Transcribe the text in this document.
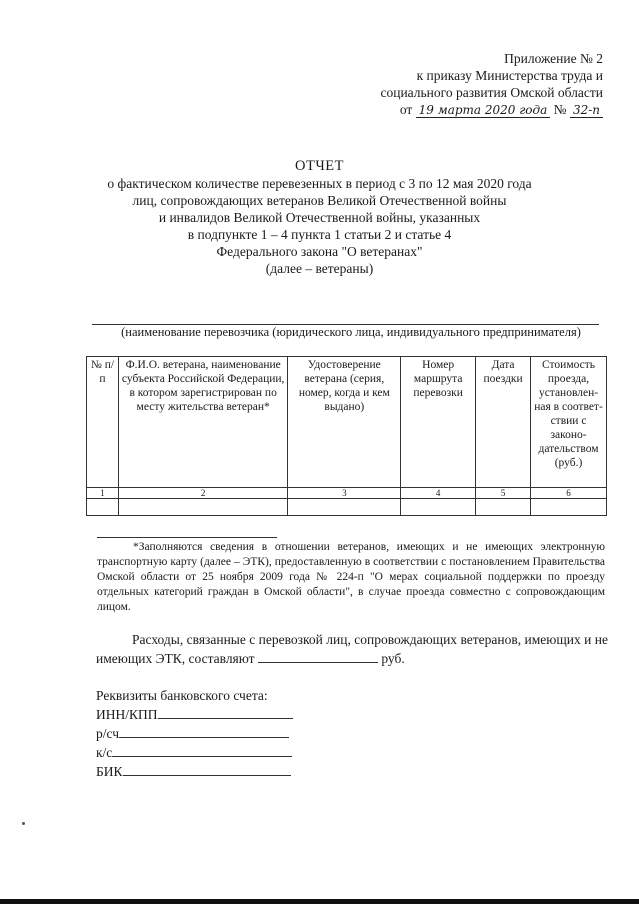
Приложение № 2
к приказу Министерства труда и
социального развития Омской области
от 19 марта 2020 года № 32-п
ОТЧЕТ
о фактическом количестве перевезенных в период с 3 по 12 мая 2020 года
лиц, сопровождающих ветеранов Великой Отечественной войны
и инвалидов Великой Отечественной войны, указанных
в подпункте 1 – 4 пункта 1 статьи 2 и статье 4
Федерального закона "О ветеранах"
(далее – ветераны)
(наименование перевозчика (юридического лица, индивидуального предпринимателя)
№ п/п	Ф.И.О. ветерана, наименование субъекта Российской Федерации, в котором зарегистрирован по месту жительства ветеран*	Удостоверение ветерана (серия, номер, когда и кем выдано)	Номер маршрута перевозки	Дата поездки	Стоимость проезда, установлен-ная в соответ-ствии с законо-дательством (руб.)
1	2	3	4	5	6

*Заполняются сведения в отношении ветеранов, имеющих и не имеющих электронную транспортную карту (далее – ЭТК), предоставленную в соответствии с постановлением Правительства Омской области от 25 ноября 2009 года № 224-п "О мерах социальной поддержки по проезду отдельных категорий граждан в Омской области", в случае проезда совместно с сопровождающим лицом.
Расходы, связанные с перевозкой лиц, сопровождающих ветеранов, имеющих и не имеющих ЭТК, составляют	руб.
Реквизиты банковского счета:
ИНН/КПП
р/сч
к/с
БИК
